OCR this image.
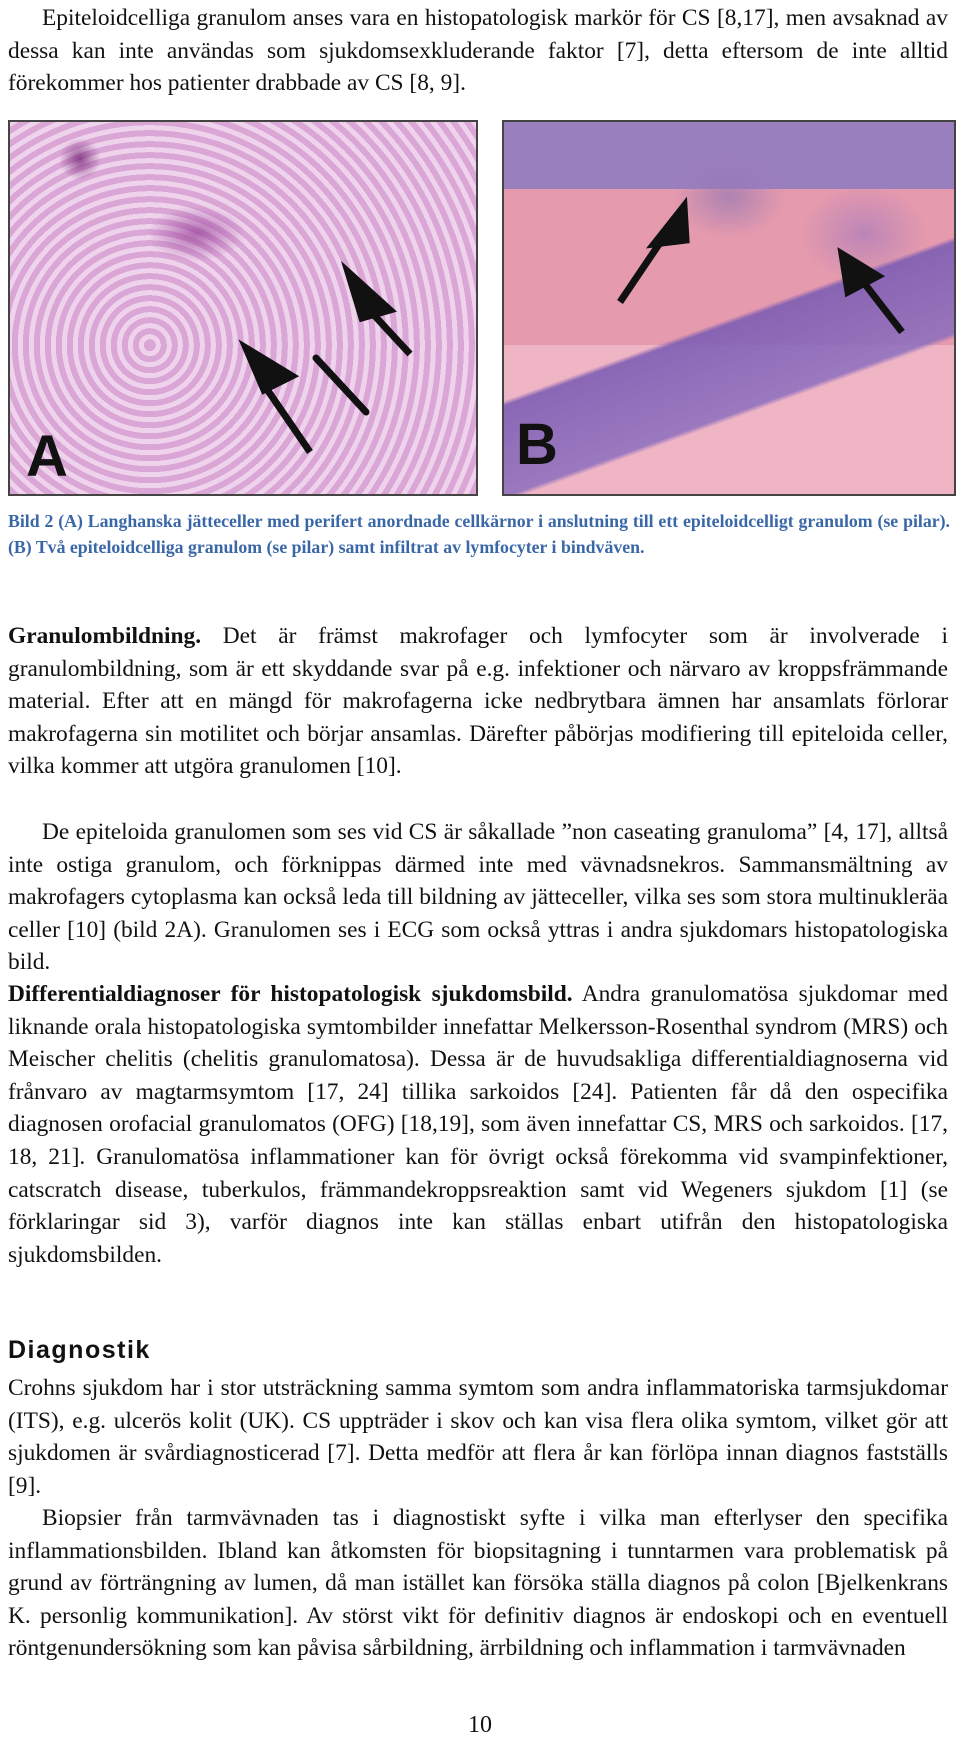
Epiteloidcelliga granulom anses vara en histopatologisk markör för CS [8,17], men avsaknad av dessa kan inte användas som sjukdomsexkluderande faktor [7], detta eftersom de inte alltid förekommer hos patienter drabbade av CS [8, 9].

A	B

Bild 2 (A) Langhanska jätteceller med perifert anordnade cellkärnor i anslutning till ett epiteloidcelligt granulom (se pilar). (B) Två epiteloidcelliga granulom (se pilar) samt infiltrat av lymfocyter i bindväven.

Granulombildning. Det är främst makrofager och lymfocyter som är involverade i granulombildning, som är ett skyddande svar på e.g. infektioner och närvaro av kroppsfrämmande material. Efter att en mängd för makrofagerna icke nedbrytbara ämnen har ansamlats förlorar makrofagerna sin motilitet och börjar ansamlas. Därefter påbörjas modifiering till epiteloida celler, vilka kommer att utgöra granulomen [10].

De epiteloida granulomen som ses vid CS är såkallade ”non caseating granuloma” [4, 17], alltså inte ostiga granulom, och förknippas därmed inte med vävnadsnekros. Sammansmältning av makrofagers cytoplasma kan också leda till bildning av jätteceller, vilka ses som stora multinukleräa celler [10] (bild 2A). Granulomen ses i ECG som också yttras i andra sjukdomars histopatologiska bild.

Differentialdiagnoser för histopatologisk sjukdomsbild. Andra granulomatösa sjukdomar med liknande orala histopatologiska symtombilder innefattar Melkersson-Rosenthal syndrom (MRS) och Meischer chelitis (chelitis granulomatosa). Dessa är de huvudsakliga differentialdiagnoserna vid frånvaro av magtarmsymtom [17, 24] tillika sarkoidos [24]. Patienten får då den ospecifika diagnosen orofacial granulomatos (OFG) [18,19], som även innefattar CS, MRS och sarkoidos. [17, 18, 21]. Granulomatösa inflammationer kan för övrigt också förekomma vid svampinfektioner, catscratch disease, tuberkulos, främmandekroppsreaktion samt vid Wegeners sjukdom [1] (se förklaringar sid 3), varför diagnos inte kan ställas enbart utifrån den histopatologiska sjukdomsbilden.

Diagnostik

Crohns sjukdom har i stor utsträckning samma symtom som andra inflammatoriska tarmsjukdomar (ITS), e.g. ulcerös kolit (UK). CS uppträder i skov och kan visa flera olika symtom, vilket gör att sjukdomen är svårdiagnosticerad [7]. Detta medför att flera år kan förlöpa innan diagnos fastställs [9].

Biopsier från tarmvävnaden tas i diagnostiskt syfte i vilka man efterlyser den specifika inflammationsbilden. Ibland kan åtkomsten för biopsitagning i tunntarmen vara problematisk på grund av förträngning av lumen, då man istället kan försöka ställa diagnos på colon [Bjelkenkrans K. personlig kommunikation]. Av störst vikt för definitiv diagnos är endoskopi och en eventuell röntgenundersökning som kan påvisa sårbildning, ärrbildning och inflammation i tarmvävnaden

10
